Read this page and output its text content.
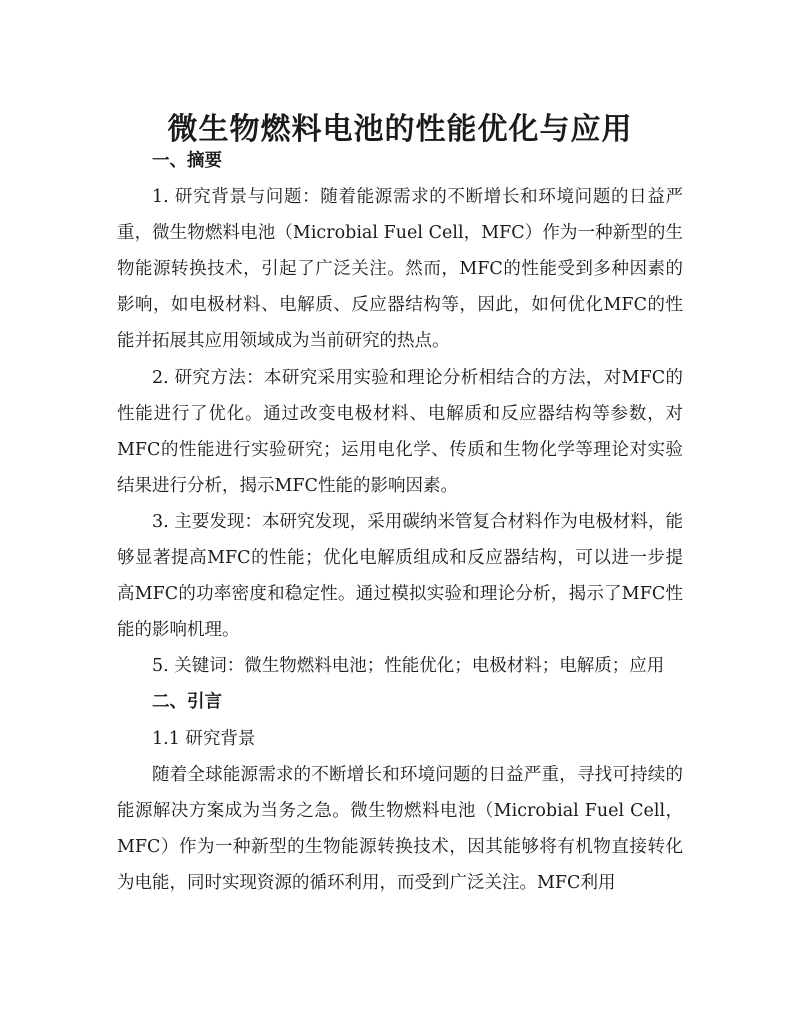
微生物燃料电池的性能优化与应用
一、摘要

1. 研究背景与问题：随着能源需求的不断增长和环境问题的日益严重，微生物燃料电池（Microbial Fuel Cell，MFC）作为一种新型的生物能源转换技术，引起了广泛关注。然而，MFC的性能受到多种因素的影响，如电极材料、电解质、反应器结构等，因此，如何优化MFC的性能并拓展其应用领域成为当前研究的热点。

2. 研究方法：本研究采用实验和理论分析相结合的方法，对MFC的性能进行了优化。通过改变电极材料、电解质和反应器结构等参数，对MFC的性能进行实验研究；运用电化学、传质和生物化学等理论对实验结果进行分析，揭示MFC性能的影响因素。

3. 主要发现：本研究发现，采用碳纳米管复合材料作为电极材料，能够显著提高MFC的性能；优化电解质组成和反应器结构，可以进一步提高MFC的功率密度和稳定性。通过模拟实验和理论分析，揭示了MFC性能的影响机理。

5. 关键词：微生物燃料电池；性能优化；电极材料；电解质；应用

二、引言

1.1 研究背景

随着全球能源需求的不断增长和环境问题的日益严重，寻找可持续的能源解决方案成为当务之急。微生物燃料电池（Microbial Fuel Cell，MFC）作为一种新型的生物能源转换技术，因其能够将有机物直接转化为电能，同时实现资源的循环利用，而受到广泛关注。MFC利用
